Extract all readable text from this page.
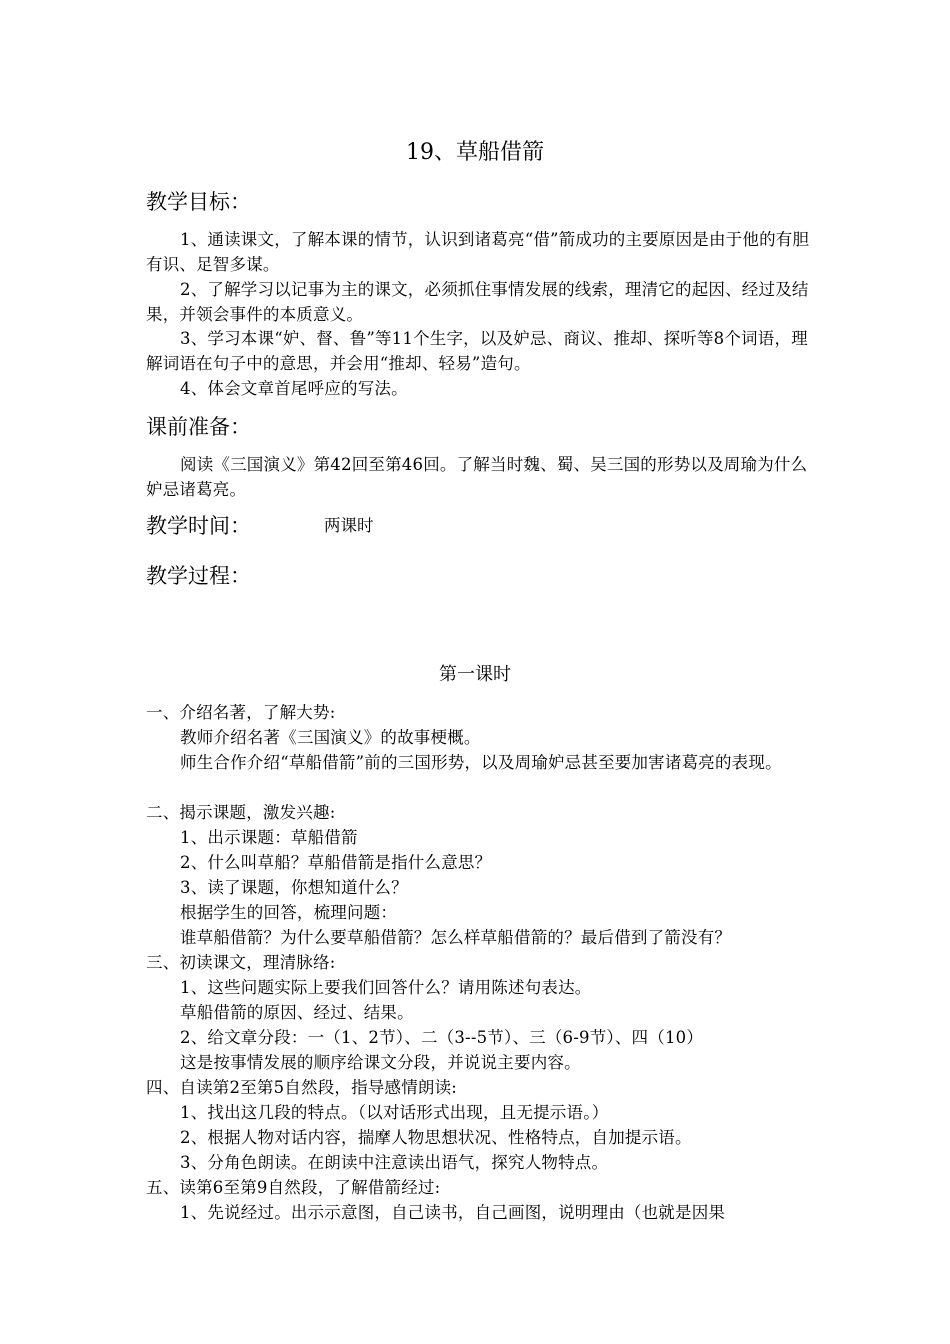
19、草船借箭
教学目标：
1、通读课文，了解本课的情节，认识到诸葛亮“借”箭成功的主要原因是由于他的有胆有识、足智多谋。
2、了解学习以记事为主的课文，必须抓住事情发展的线索，理清它的起因、经过及结果，并领会事件的本质意义。
3、学习本课“妒、督、鲁”等11个生字，以及妒忌、商议、推却、探听等8个词语，理解词语在句子中的意思，并会用“推却、轻易”造句。
4、体会文章首尾呼应的写法。
课前准备：
阅读《三国演义》第42回至第46回。了解当时魏、蜀、吴三国的形势以及周瑜为什么妒忌诸葛亮。
教学时间：	两课时
教学过程：
第一课时
一、介绍名著，了解大势:
教师介绍名著《三国演义》的故事梗概。
师生合作介绍“草船借箭”前的三国形势，以及周瑜妒忌甚至要加害诸葛亮的表现。
二、揭示课题，激发兴趣:
1、出示课题：草船借箭
2、什么叫草船？草船借箭是指什么意思？
3、读了课题，你想知道什么？
根据学生的回答，梳理问题：
谁草船借箭？为什么要草船借箭？怎么样草船借箭的？最后借到了箭没有？
三、初读课文，理清脉络:
1、这些问题实际上要我们回答什么？请用陈述句表达。
草船借箭的原因、经过、结果。
2、给文章分段：一（1、2节）、二（3--5节）、三（6-9节）、四（10）
这是按事情发展的顺序给课文分段，并说说主要内容。
四、自读第2至第5自然段，指导感情朗读:
1、找出这几段的特点。（以对话形式出现，且无提示语。）
2、根据人物对话内容，揣摩人物思想状况、性格特点，自加提示语。
3、分角色朗读。在朗读中注意读出语气，探究人物特点。
五、读第6至第9自然段，了解借箭经过:
1、先说经过。出示示意图，自己读书，自己画图，说明理由（也就是因果
